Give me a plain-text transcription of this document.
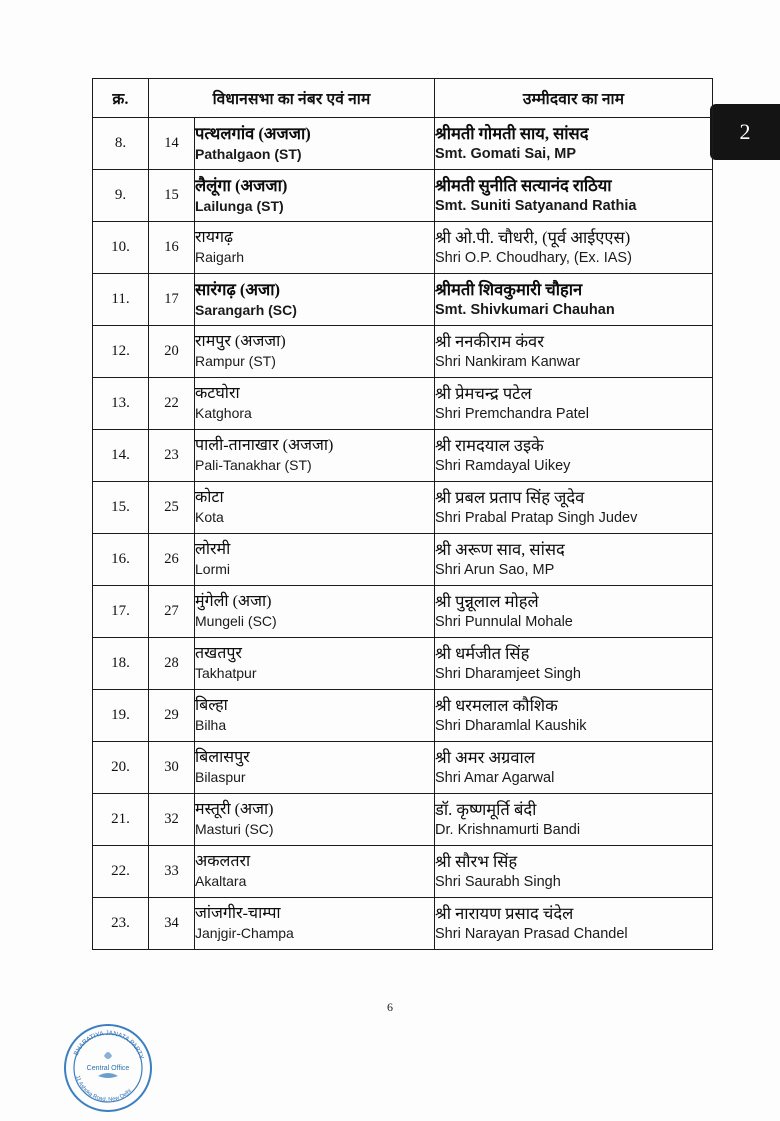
2
क्र.	विधानसभा का नंबर एवं नाम		उम्मीदवार का नाम
8.	14	पत्थलगांव (अजजा)
Pathalgaon (ST)	श्रीमती गोमती साय, सांसद
Smt. Gomati Sai, MP

9.	15	लैलूंगा (अजजा)
Lailunga (ST)	श्रीमती सुनीति सत्यानंद राठिया
Smt. Suniti Satyanand Rathia

10.	16	रायगढ़
Raigarh	श्री ओ.पी. चौधरी, (पूर्व आईएएस)
Shri O.P. Choudhary, (Ex. IAS)

11.	17	सारंगढ़ (अजा)
Sarangarh (SC)	श्रीमती शिवकुमारी चौहान
Smt. Shivkumari Chauhan

12.	20	रामपुर (अजजा)
Rampur (ST)	श्री ननकीराम कंवर
Shri Nankiram Kanwar

13.	22	कटघोरा
Katghora	श्री प्रेमचन्द्र पटेल
Shri Premchandra Patel

14.	23	पाली-तानाखार (अजजा)
Pali-Tanakhar (ST)	श्री रामदयाल उइके
Shri Ramdayal Uikey

15.	25	कोटा
Kota	श्री प्रबल प्रताप सिंह जूदेव
Shri Prabal Pratap Singh Judev

16.	26	लोरमी
Lormi	श्री अरूण साव, सांसद
Shri Arun Sao, MP

17.	27	मुंगेली (अजा)
Mungeli (SC)	श्री पुन्नूलाल मोहले
Shri Punnulal Mohale

18.	28	तखतपुर
Takhatpur	श्री धर्मजीत सिंह
Shri Dharamjeet Singh

19.	29	बिल्हा
Bilha	श्री धरमलाल कौशिक
Shri Dharamlal Kaushik

20.	30	बिलासपुर
Bilaspur	श्री अमर अग्रवाल
Shri Amar Agarwal

21.	32	मस्तूरी (अजा)
Masturi (SC)	डॉ. कृष्णमूर्ति बंदी
Dr. Krishnamurti Bandi

22.	33	अकलतरा
Akaltara	श्री सौरभ सिंह
Shri Saurabh Singh

23.	34	जांजगीर-चाम्पा
Janjgir-Champa	श्री नारायण प्रसाद चंदेल
Shri Narayan Prasad Chandel
6
BHARATIYA JANATA PARTY
11 Ashoka Road, New Delhi
Central Office
